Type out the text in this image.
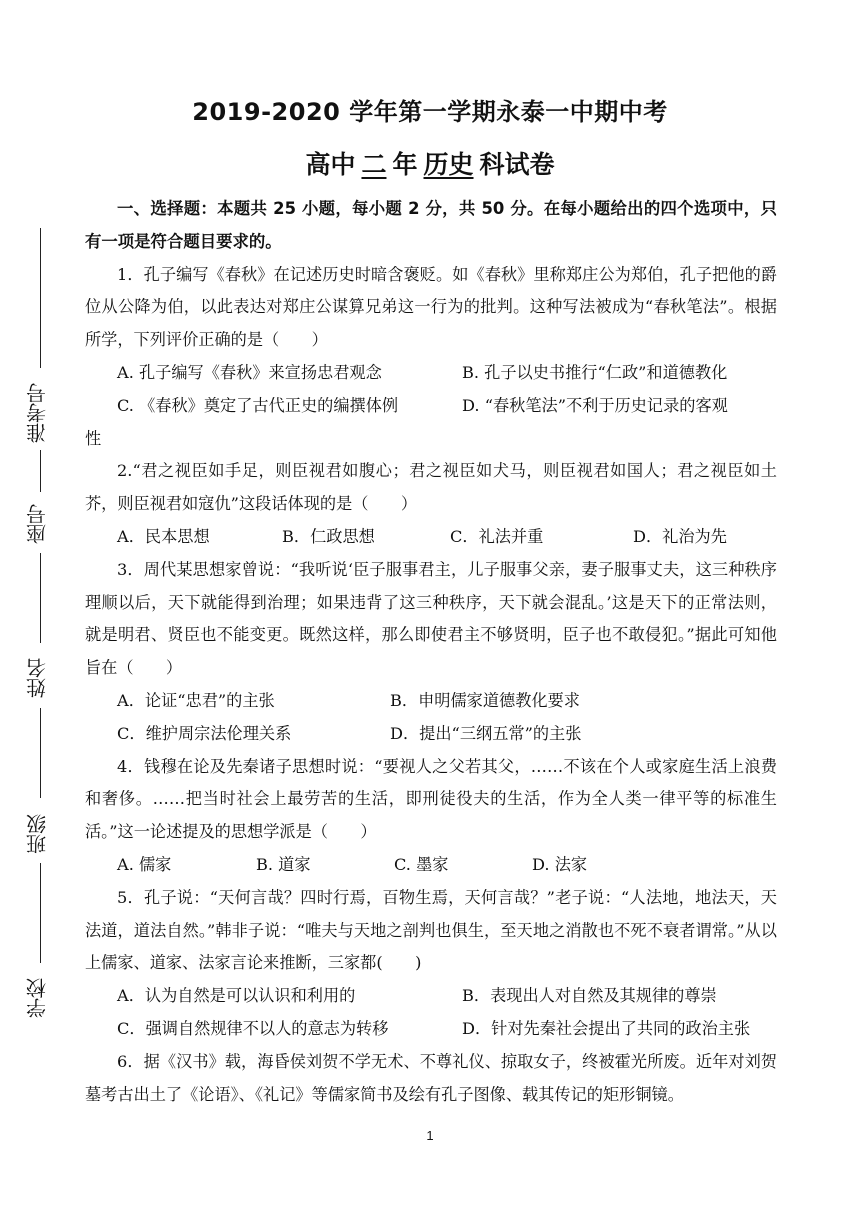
2019-2020 学年第一学期永泰一中期中考
高中 二 年 历史 科试卷
准考号
座号
姓名
班级
学校

一、选择题：本题共 25 小题，每小题 2 分，共 50 分。在每小题给出的四个选项中，只有一项是符合题目要求的。

1．孔子编写《春秋》在记述历史时暗含褒贬。如《春秋》里称郑庄公为郑伯，孔子把他的爵位从公降为伯，以此表达对郑庄公谋算兄弟这一行为的批判。这种写法被成为“春秋笔法”。根据所学，下列评价正确的是（　　）

A. 孔子编写《春秋》来宣扬忠君观念	B. 孔子以史书推行“仁政”和道德教化
C. 《春秋》奠定了古代正史的编撰体例	D. “春秋笔法”不利于历史记录的客观

性

2.“君之视臣如手足，则臣视君如腹心；君之视臣如犬马，则臣视君如国人；君之视臣如土芥，则臣视君如寇仇”这段话体现的是（　　）

A．民本思想	B．仁政思想	C．礼法并重	D．礼治为先

3．周代某思想家曾说：“我听说‘臣子服事君主，儿子服事父亲，妻子服事丈夫，这三种秩序理顺以后，天下就能得到治理；如果违背了这三种秩序，天下就会混乱。’这是天下的正常法则，就是明君、贤臣也不能变更。既然这样，那么即使君主不够贤明，臣子也不敢侵犯。”据此可知他旨在（　　）

A．论证“忠君”的主张	B．申明儒家道德教化要求
C．维护周宗法伦理关系	D．提出“三纲五常”的主张

4．钱穆在论及先秦诸子思想时说：“要视人之父若其父，……不该在个人或家庭生活上浪费和奢侈。……把当时社会上最劳苦的生活，即刑徒役夫的生活，作为全人类一律平等的标准生活。”这一论述提及的思想学派是（　　）

A. 儒家	B. 道家	C. 墨家	D. 法家

5．孔子说：“天何言哉？四时行焉，百物生焉，天何言哉？”老子说：“人法地，地法天，天法道，道法自然。”韩非子说：“唯夫与天地之剖判也俱生，至天地之消散也不死不衰者谓常。”从以上儒家、道家、法家言论来推断，三家都(　　)

A．认为自然是可以认识和利用的	B．表现出人对自然及其规律的尊崇
C．强调自然规律不以人的意志为转移	D．针对先秦社会提出了共同的政治主张

6．据《汉书》载，海昏侯刘贺不学无术、不尊礼仪、掠取女子，终被霍光所废。近年对刘贺墓考古出土了《论语》、《礼记》等儒家简书及绘有孔子图像、载其传记的矩形铜镜。

1
